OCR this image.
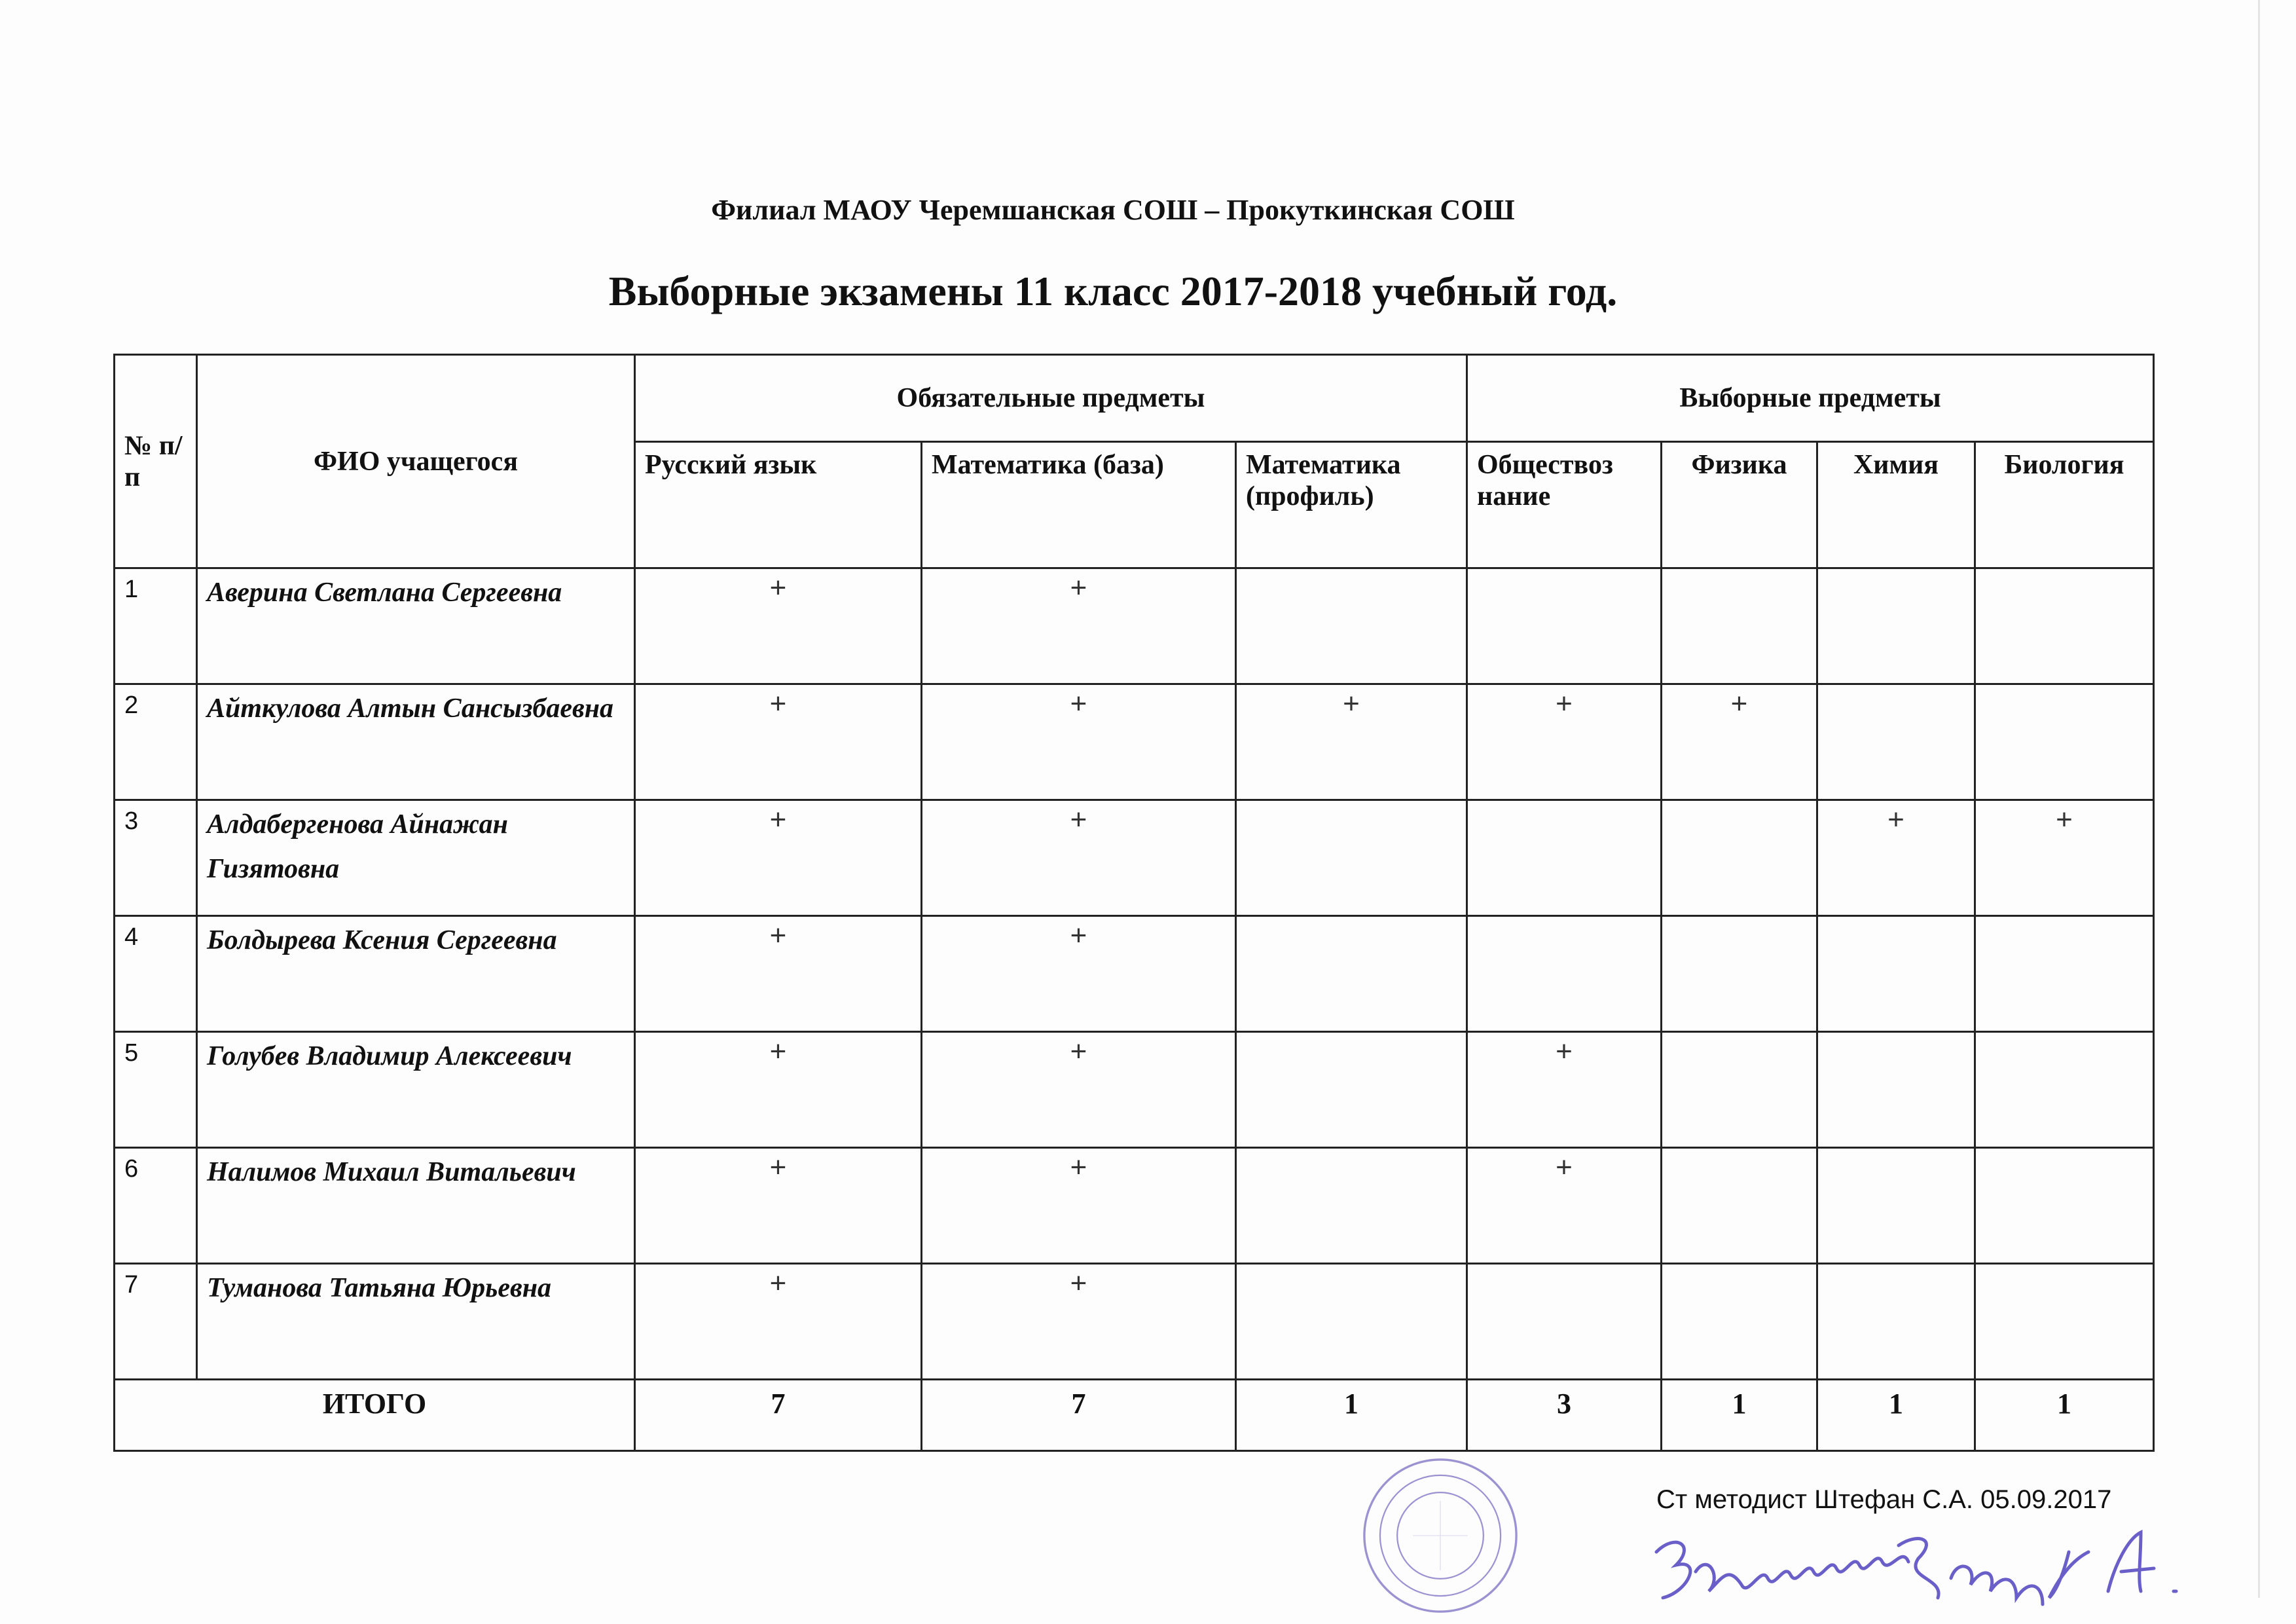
Филиал МАОУ Черемшанская СОШ – Прокуткинская СОШ
Выборные экзамены 11 класс 2017-2018 учебный год.
№ п/п	ФИО учащегося	Обязательные предметы			Выборные предметы			
		Русский язык	Математика (база)	Математика (профиль)	Обществоз нание	Физика	Химия	Биология
1	Аверина Светлана Сергеевна	+	+					
2	Айткулова Алтын Сансызбаевна	+	+	+	+	+		
3	Алдабергенова Айнажан Гизятовна	+	+				+	+
4	Болдырева Ксения Сергеевна	+	+					
5	Голубев Владимир Алексеевич	+	+		+			
6	Налимов Михаил Витальевич	+	+		+			
7	Туманова Татьяна Юрьевна	+	+					
ИТОГО		7	7	1	3	1	1	1
Ст методист Штефан С.А. 05.09.2017
